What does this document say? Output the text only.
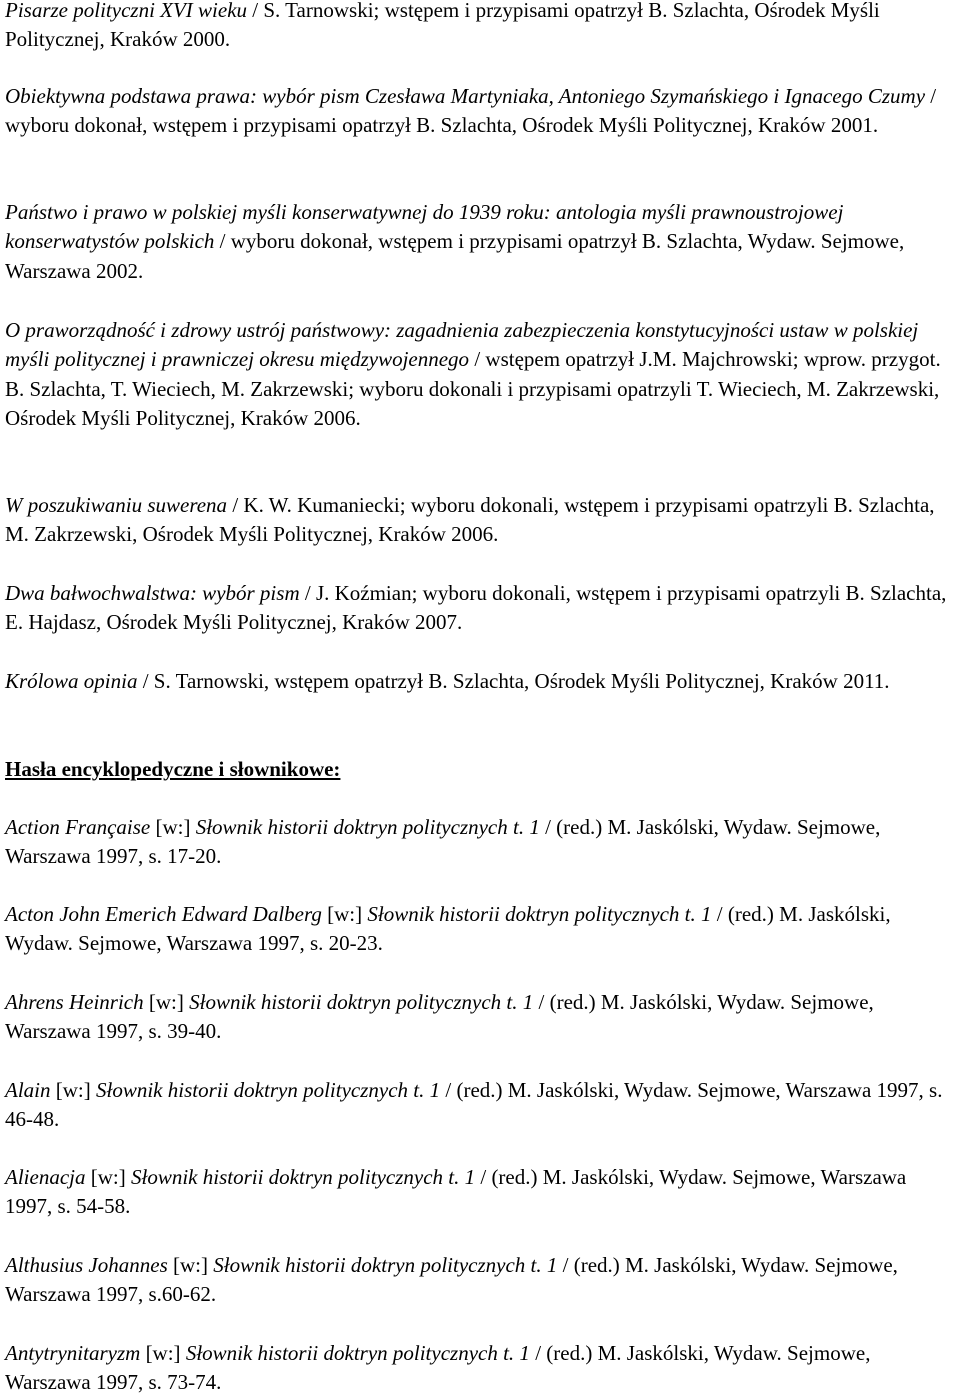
Pisarze polityczni XVI wieku / S. Tarnowski; wstępem i przypisami opatrzył B. Szlachta, Ośrodek Myśli Politycznej, Kraków 2000.

Obiektywna podstawa prawa: wybór pism Czesława Martyniaka, Antoniego Szymańskiego i Ignacego Czumy / wyboru dokonał, wstępem i przypisami opatrzył B. Szlachta, Ośrodek Myśli Politycznej, Kraków 2001.

Państwo i prawo w polskiej myśli konserwatywnej do 1939 roku: antologia myśli prawnoustrojowej konserwatystów polskich / wyboru dokonał, wstępem i przypisami opatrzył B. Szlachta, Wydaw. Sejmowe, Warszawa 2002.

O praworządność i zdrowy ustrój państwowy: zagadnienia zabezpieczenia konstytucyjności ustaw w polskiej myśli politycznej i prawniczej okresu międzywojennego / wstępem opatrzył J.M. Majchrowski; wprow. przygot. B. Szlachta, T. Wieciech, M. Zakrzewski; wyboru dokonali i przypisami opatrzyli T. Wieciech, M. Zakrzewski, Ośrodek Myśli Politycznej, Kraków 2006.

W poszukiwaniu suwerena / K. W. Kumaniecki; wyboru dokonali, wstępem i przypisami opatrzyli B. Szlachta, M. Zakrzewski, Ośrodek Myśli Politycznej, Kraków 2006.

Dwa bałwochwalstwa: wybór pism / J. Koźmian; wyboru dokonali, wstępem i przypisami opatrzyli B. Szlachta, E. Hajdasz, Ośrodek Myśli Politycznej, Kraków 2007.

Królowa opinia / S. Tarnowski, wstępem opatrzył B. Szlachta, Ośrodek Myśli Politycznej, Kraków 2011.

Hasła encyklopedyczne i słownikowe:

Action Française [w:] Słownik historii doktryn politycznych t. 1 / (red.) M. Jaskólski, Wydaw. Sejmowe, Warszawa 1997, s. 17-20.

Acton John Emerich Edward Dalberg [w:] Słownik historii doktryn politycznych t. 1 / (red.) M. Jaskólski, Wydaw. Sejmowe, Warszawa 1997, s. 20-23.

Ahrens Heinrich [w:] Słownik historii doktryn politycznych t. 1 / (red.) M. Jaskólski, Wydaw. Sejmowe, Warszawa 1997, s. 39-40.

Alain [w:] Słownik historii doktryn politycznych t. 1 / (red.) M. Jaskólski, Wydaw. Sejmowe, Warszawa 1997, s. 46-48.

Alienacja [w:] Słownik historii doktryn politycznych t. 1 / (red.) M. Jaskólski, Wydaw. Sejmowe, Warszawa 1997, s. 54-58.

Althusius Johannes [w:] Słownik historii doktryn politycznych t. 1 / (red.) M. Jaskólski, Wydaw. Sejmowe, Warszawa 1997, s.60-62.

Antytrynitaryzm [w:] Słownik historii doktryn politycznych t. 1 / (red.) M. Jaskólski, Wydaw. Sejmowe, Warszawa 1997, s. 73-74.
